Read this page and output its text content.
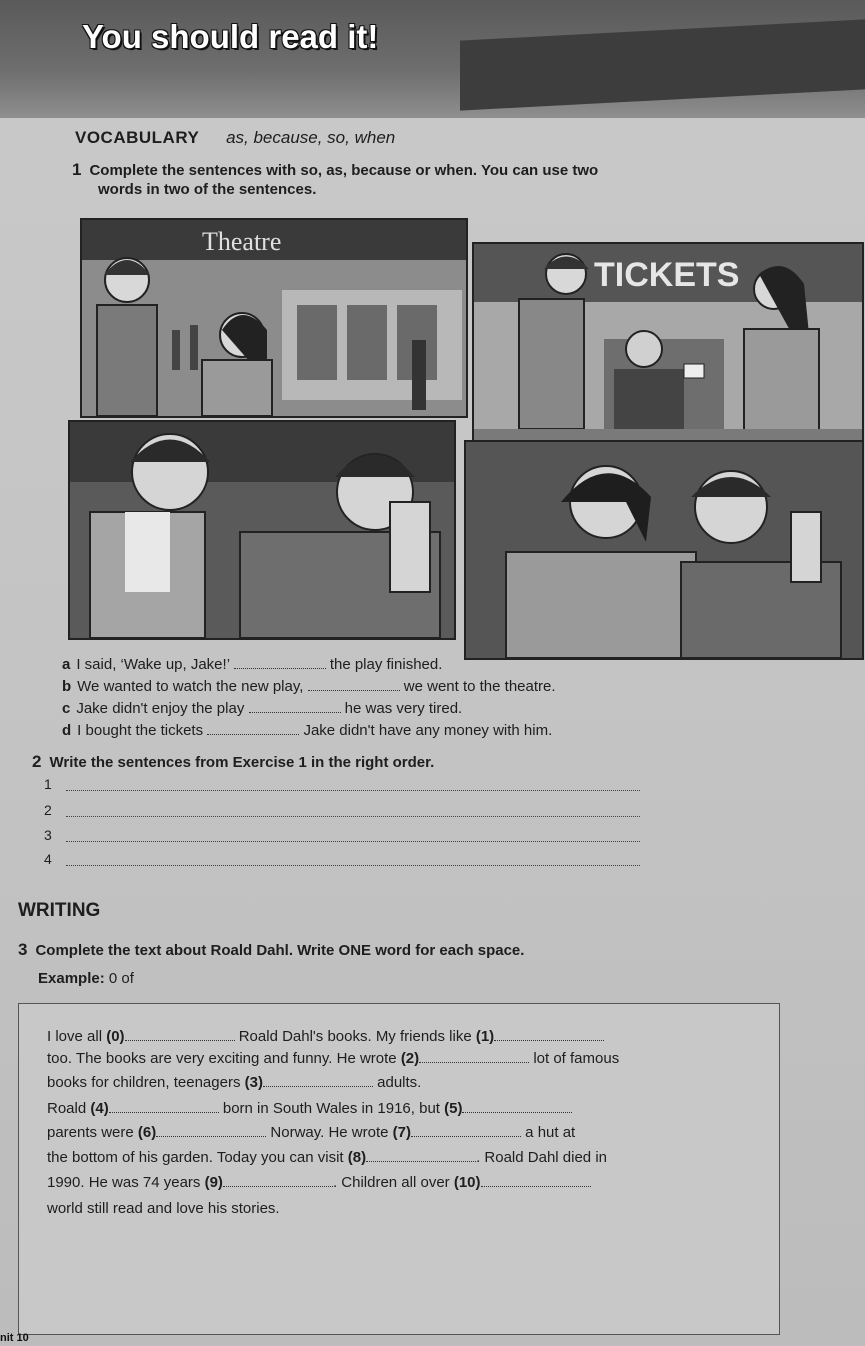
You should read it!
VOCABULARY as, because, so, when
1 Complete the sentences with so, as, because or when. You can use two
words in two of the sentences.
Theatre
TICKETS
a I said, ‘Wake up, Jake!’	the play finished.
b We wanted to watch the new play,	we went to the theatre.
c Jake didn't enjoy the play	he was very tired.
d I bought the tickets	Jake didn't have any money with him.
2 Write the sentences from Exercise 1 in the right order.
1
2
3
4
WRITING
3 Complete the text about Roald Dahl. Write ONE word for each space.
Example: 0 of
I love all (0)	Roald Dahl's books. My friends like (1)
too. The books are very exciting and funny. He wrote (2)	lot of famous
books for children, teenagers (3)	adults.
Roald (4)	born in South Wales in 1916, but (5)
parents were (6)	Norway. He wrote (7)	a hut at
the bottom of his garden. Today you can visit (8)	. Roald Dahl died in
1990. He was 74 years (9)	. Children all over (10)
world still read and love his stories.
nit 10
